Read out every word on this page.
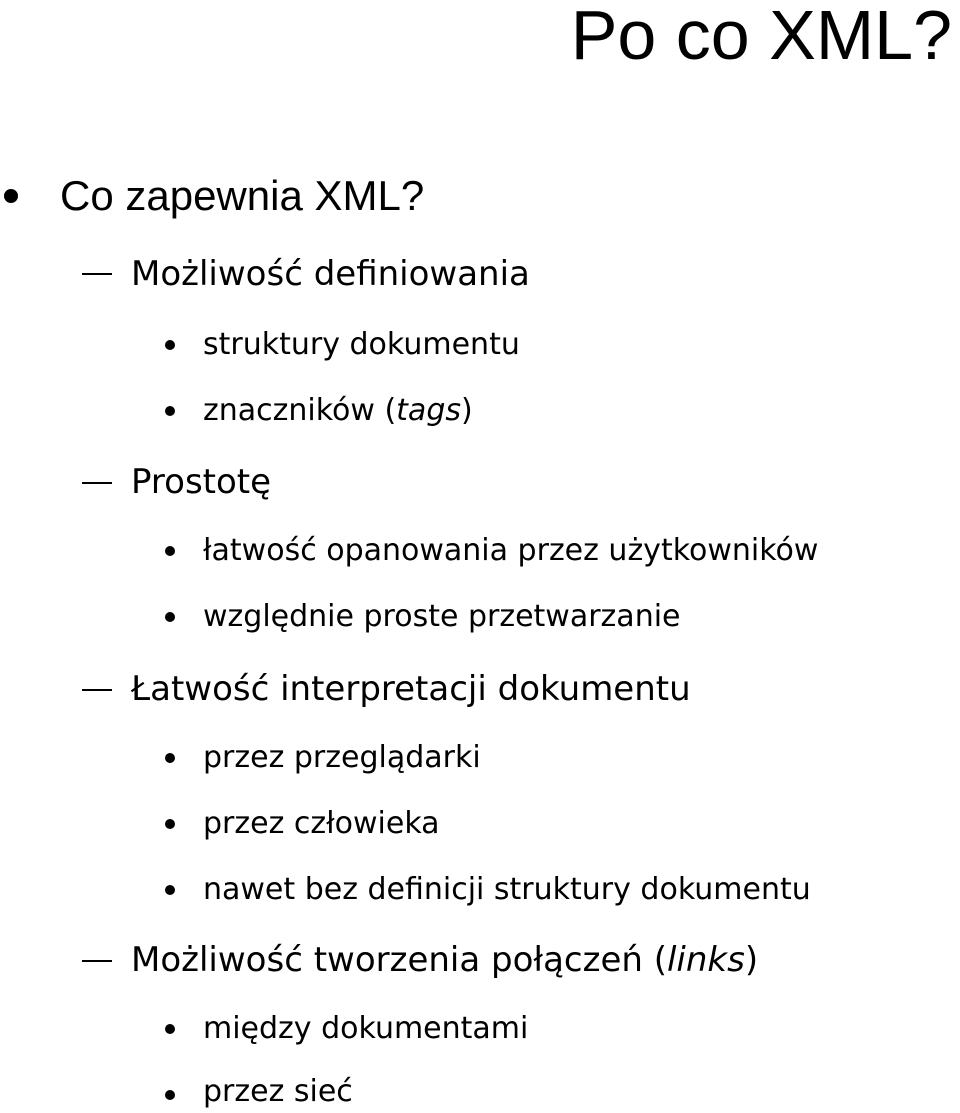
Po co XML?
Co zapewnia XML?
Możliwość definiowania
struktury dokumentu
znaczników (tags)
Prostotę
łatwość opanowania przez użytkowników
względnie proste przetwarzanie
Łatwość interpretacji dokumentu
przez przeglądarki
przez człowieka
nawet bez definicji struktury dokumentu
Możliwość tworzenia połączeń (links)
między dokumentami
przez sieć
